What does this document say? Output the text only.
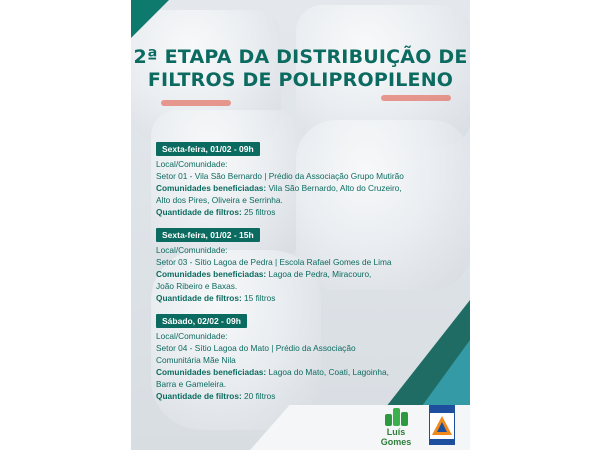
2ª ETAPA DA DISTRIBUIÇÃO DE
FILTROS DE POLIPROPILENO
Sexta-feira, 01/02 - 09h
Local/Comunidade:
Setor 01 - Vila São Bernardo | Prédio da Associação Grupo Mutirão
Comunidades beneficiadas: Vila São Bernardo, Alto do Cruzeiro,
Alto dos Pires, Oliveira e Serrinha.
Quantidade de filtros: 25 filtros
Sexta-feira, 01/02 - 15h
Local/Comunidade:
Setor 03 - Sítio Lagoa de Pedra | Escola Rafael Gomes de Lima
Comunidades beneficiadas: Lagoa de Pedra, Miracouro,
João Ribeiro e Baxas.
Quantidade de filtros: 15 filtros
Sábado, 02/02 - 09h
Local/Comunidade:
Setor 04 - Sítio Lagoa do Mato | Prédio da Associação
Comunitária Mãe Nila
Comunidades beneficiadas: Lagoa do Mato, Coati, Lagoinha,
Barra e Gameleira.
Quantidade de filtros: 20 filtros
Luís Gomes
